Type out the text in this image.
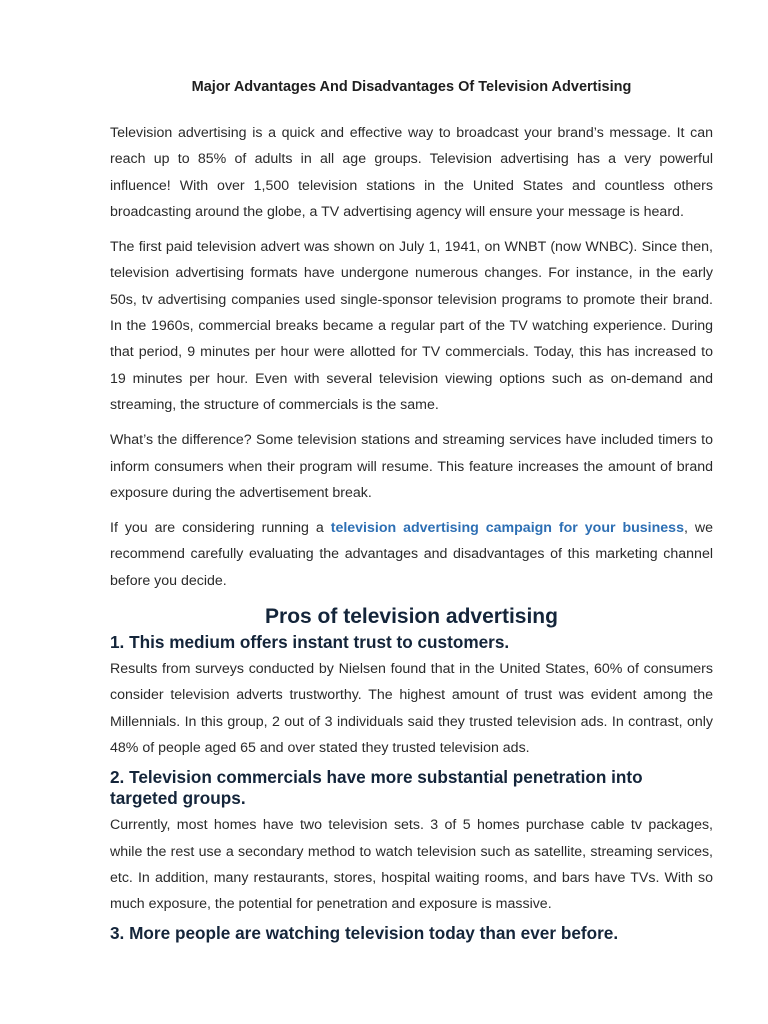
Major Advantages And Disadvantages Of Television Advertising

Television advertising is a quick and effective way to broadcast your brand’s message. It can reach up to 85% of adults in all age groups. Television advertising has a very powerful influence! With over 1,500 television stations in the United States and countless others broadcasting around the globe, a TV advertising agency will ensure your message is heard.

The first paid television advert was shown on July 1, 1941, on WNBT (now WNBC). Since then, television advertising formats have undergone numerous changes. For instance, in the early 50s, tv advertising companies used single-sponsor television programs to promote their brand. In the 1960s, commercial breaks became a regular part of the TV watching experience. During that period, 9 minutes per hour were allotted for TV commercials. Today, this has increased to 19 minutes per hour. Even with several television viewing options such as on-demand and streaming, the structure of commercials is the same.

What’s the difference? Some television stations and streaming services have included timers to inform consumers when their program will resume. This feature increases the amount of brand exposure during the advertisement break.

If you are considering running a television advertising campaign for your business, we recommend carefully evaluating the advantages and disadvantages of this marketing channel before you decide.

Pros of television advertising
1. This medium offers instant trust to customers.

Results from surveys conducted by Nielsen found that in the United States, 60% of consumers consider television adverts trustworthy. The highest amount of trust was evident among the Millennials. In this group, 2 out of 3 individuals said they trusted television ads. In contrast, only 48% of people aged 65 and over stated they trusted television ads.

2. Television commercials have more substantial penetration into targeted groups.

Currently, most homes have two television sets. 3 of 5 homes purchase cable tv packages, while the rest use a secondary method to watch television such as satellite, streaming services, etc. In addition, many restaurants, stores, hospital waiting rooms, and bars have TVs. With so much exposure, the potential for penetration and exposure is massive.

3. More people are watching television today than ever before.
